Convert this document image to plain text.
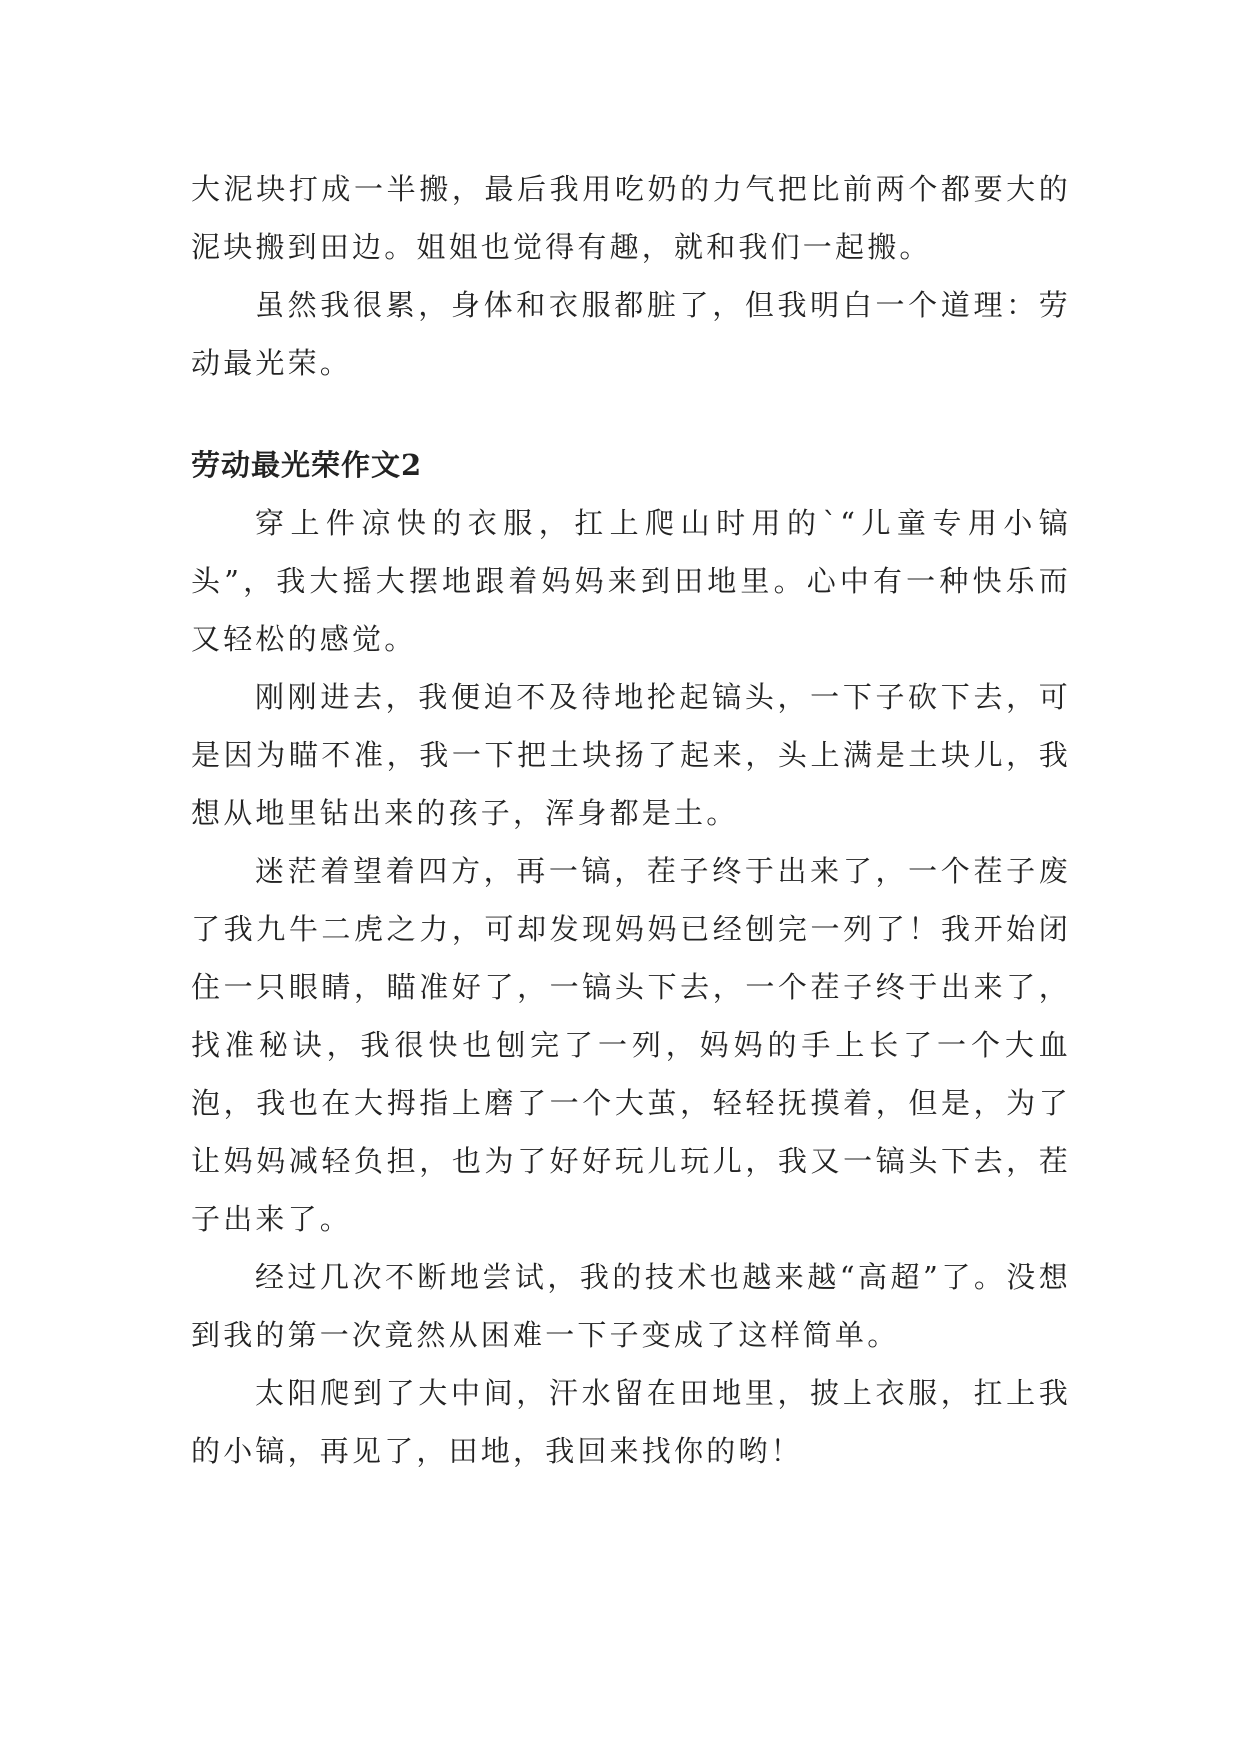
大泥块打成一半搬，最后我用吃奶的力气把比前两个都要大的泥块搬到田边。姐姐也觉得有趣，就和我们一起搬。

虽然我很累，身体和衣服都脏了，但我明白一个道理：劳动最光荣。

劳动最光荣作文2

穿上件凉快的衣服，扛上爬山时用的`“儿童专用小镐头”，我大摇大摆地跟着妈妈来到田地里。心中有一种快乐而又轻松的感觉。

刚刚进去，我便迫不及待地抡起镐头，一下子砍下去，可是因为瞄不准，我一下把土块扬了起来，头上满是土块儿，我想从地里钻出来的孩子，浑身都是土。

迷茫着望着四方，再一镐，茬子终于出来了，一个茬子废了我九牛二虎之力，可却发现妈妈已经刨完一列了！我开始闭住一只眼睛，瞄准好了，一镐头下去，一个茬子终于出来了，找准秘诀，我很快也刨完了一列，妈妈的手上长了一个大血泡，我也在大拇指上磨了一个大茧，轻轻抚摸着，但是，为了让妈妈减轻负担，也为了好好玩儿玩儿，我又一镐头下去，茬子出来了。

经过几次不断地尝试，我的技术也越来越“高超”了。没想到我的第一次竟然从困难一下子变成了这样简单。

太阳爬到了大中间，汗水留在田地里，披上衣服，扛上我的小镐，再见了，田地，我回来找你的哟！
